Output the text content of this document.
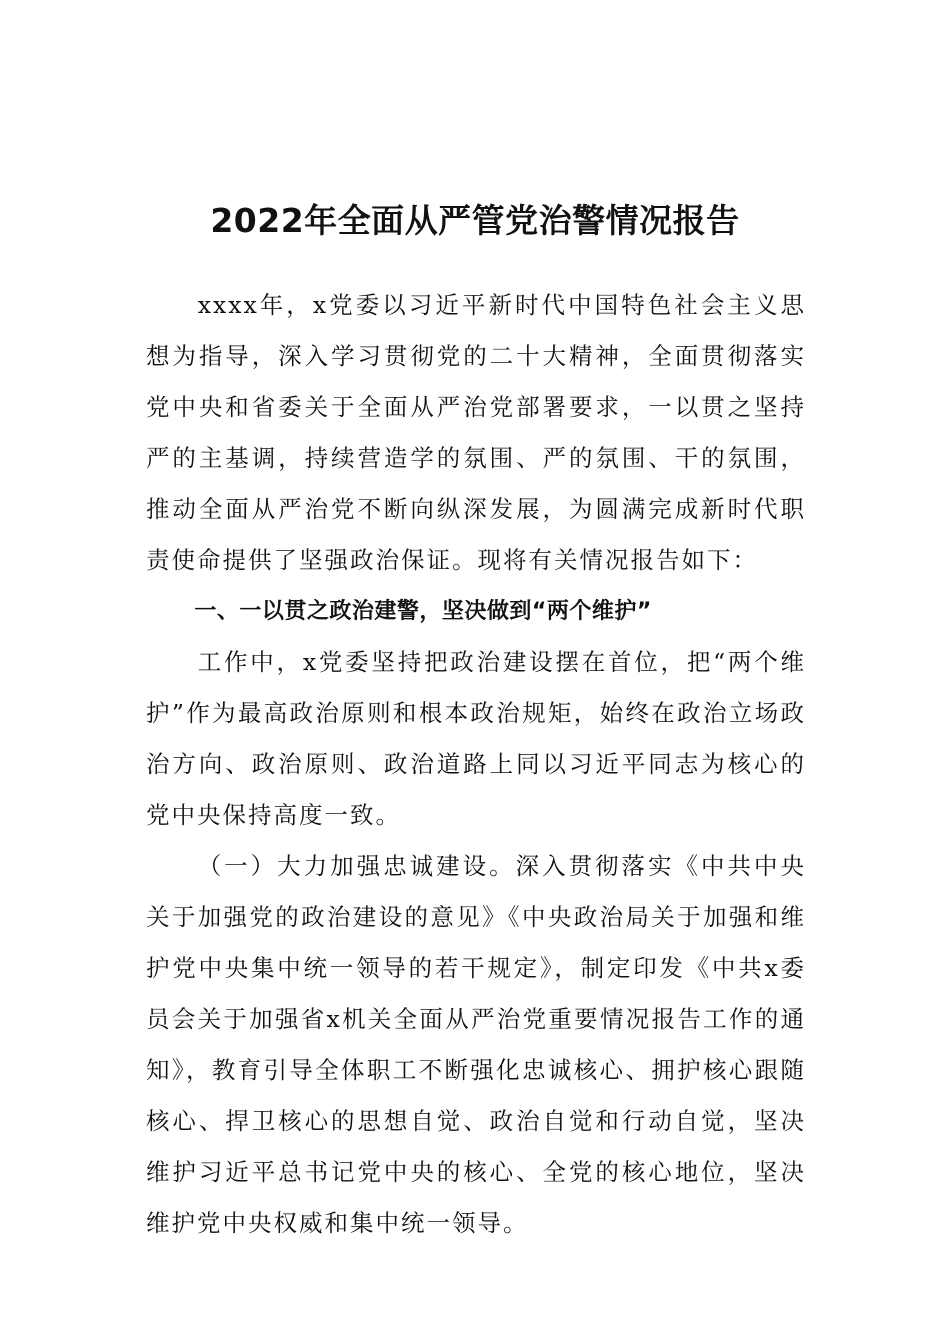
2022年全面从严管党治警情况报告

xxxx年，x党委以习近平新时代中国特色社会主义思想为指导，深入学习贯彻党的二十大精神，全面贯彻落实党中央和省委关于全面从严治党部署要求，一以贯之坚持严的主基调，持续营造学的氛围、严的氛围、干的氛围，推动全面从严治党不断向纵深发展，为圆满完成新时代职责使命提供了坚强政治保证。现将有关情况报告如下：

一、一以贯之政治建警，坚决做到“两个维护”

工作中，x党委坚持把政治建设摆在首位，把“两个维护”作为最高政治原则和根本政治规矩，始终在政治立场政治方向、政治原则、政治道路上同以习近平同志为核心的党中央保持高度一致。

（一）大力加强忠诚建设。深入贯彻落实《中共中央关于加强党的政治建设的意见》《中央政治局关于加强和维护党中央集中统一领导的若干规定》，制定印发《中共x委员会关于加强省x机关全面从严治党重要情况报告工作的通知》，教育引导全体职工不断强化忠诚核心、拥护核心跟随核心、捍卫核心的思想自觉、政治自觉和行动自觉，坚决维护习近平总书记党中央的核心、全党的核心地位，坚决维护党中央权威和集中统一领导。
